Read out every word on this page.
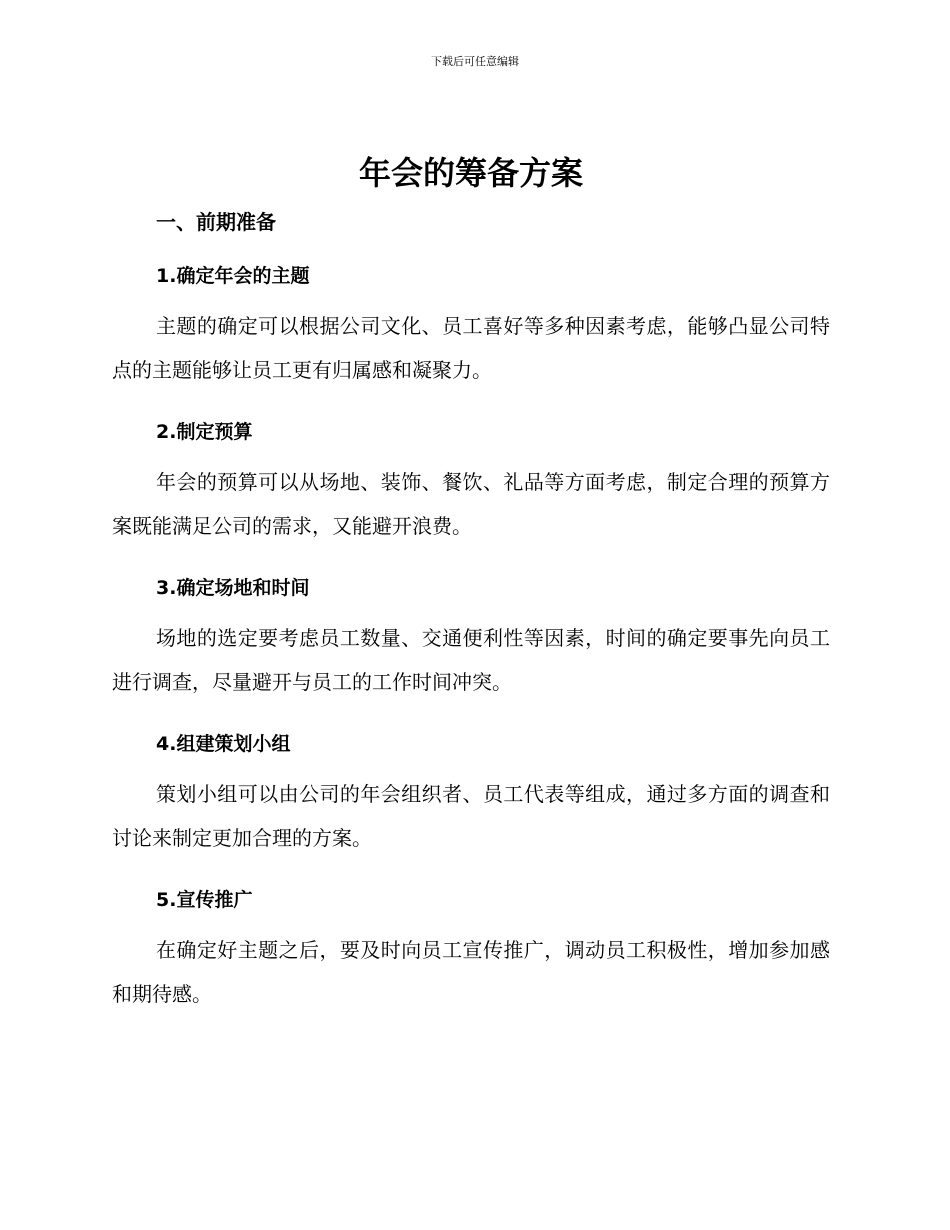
下载后可任意编辑
年会的筹备方案
一、前期准备
1.确定年会的主题

主题的确定可以根据公司文化、员工喜好等多种因素考虑，能够凸显公司特点的主题能够让员工更有归属感和凝聚力。

2.制定预算

年会的预算可以从场地、装饰、餐饮、礼品等方面考虑，制定合理的预算方案既能满足公司的需求，又能避开浪费。

3.确定场地和时间

场地的选定要考虑员工数量、交通便利性等因素，时间的确定要事先向员工进行调查，尽量避开与员工的工作时间冲突。

4.组建策划小组

策划小组可以由公司的年会组织者、员工代表等组成，通过多方面的调查和讨论来制定更加合理的方案。

5.宣传推广

在确定好主题之后，要及时向员工宣传推广，调动员工积极性，增加参加感和期待感。
